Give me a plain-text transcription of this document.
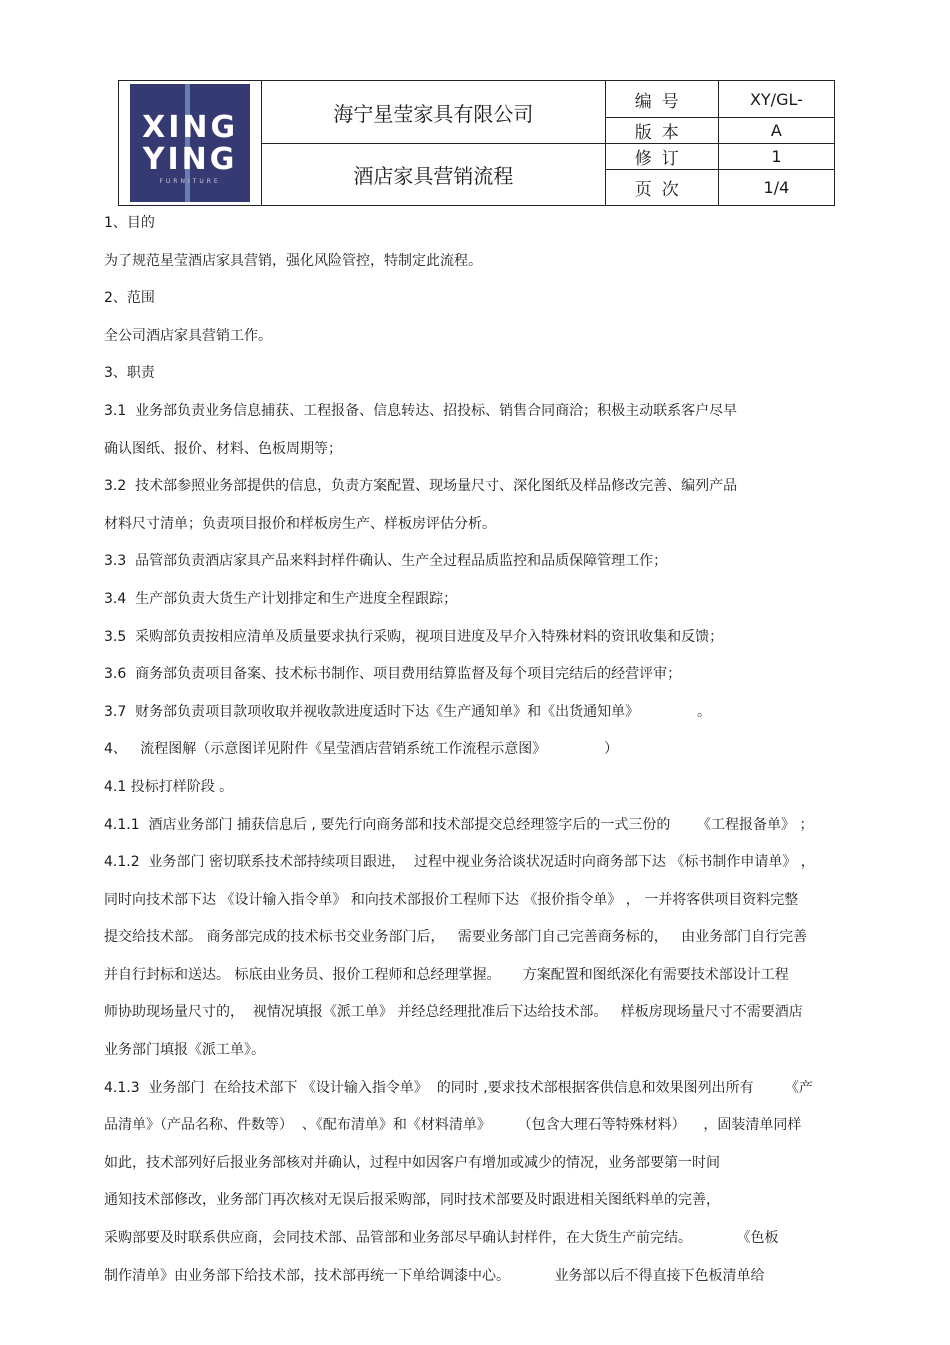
XING
YING
FURNITURE	海宁星莹家具有限公司	编号	XY/GL-
		版本	A
	酒店家具营销流程	修订	1
		页次	1/4

1、目的

为了规范星莹酒店家具营销，强化风险管控，特制定此流程。

2、范围

全公司酒店家具营销工作。

3、职责

3.1  业务部负责业务信息捕获、工程报备、信息转达、招投标、销售合同商洽；积极主动联系客户尽早

确认图纸、报价、材料、色板周期等；

3.2  技术部参照业务部提供的信息，负责方案配置、现场量尺寸、深化图纸及样品修改完善、编列产品

材料尺寸清单；负责项目报价和样板房生产、样板房评估分析。

3.3  品管部负责酒店家具产品来料封样件确认、生产全过程品质监控和品质保障管理工作；

3.4  生产部负责大货生产计划排定和生产进度全程跟踪；

3.5  采购部负责按相应清单及质量要求执行采购，视项目进度及早介入特殊材料的资讯收集和反馈；

3.6  商务部负责项目备案、技术标书制作、项目费用结算监督及每个项目完结后的经营评审；

3.7  财务部负责项目款项收取并视收款进度适时下达《生产通知单》和《出货通知单》             。

4、   流程图解（示意图详见附件《星莹酒店营销系统工作流程示意图》             ）

4.1 投标打样阶段 。

4.1.1  酒店业务部门 捕获信息后 , 要先行向商务部和技术部提交总经理签字后的一式三份的      《工程报备单》 ；

4.1.2  业务部门 密切联系技术部持续项目跟进，  过程中视业务洽谈状况适时向商务部下达 《标书制作申请单》 ，

同时向技术部下达 《设计输入指令单》 和向技术部报价工程师下达 《报价指令单》 ， 一并将客供项目资料完整

提交给技术部。 商务部完成的技术标书交业务部门后，   需要业务部门自己完善商务标的，   由业务部门自行完善

并自行封标和送达。 标底由业务员、报价工程师和总经理掌握。     方案配置和图纸深化有需要技术部设计工程

师协助现场量尺寸的，  视情况填报《派工单》 并经总经理批准后下达给技术部。   样板房现场量尺寸不需要酒店

业务部门填报《派工单》。

4.1.3  业务部门  在给技术部下 《设计输入指令单》  的同时 ,要求技术部根据客供信息和效果图列出所有       《产

品清单》（产品名称、件数等）  、《配布清单》和《材料清单》      （包含大理石等特殊材料）    ，固装清单同样

如此，技术部列好后报业务部核对并确认，过程中如因客户有增加或减少的情况，业务部要第一时间

通知技术部修改，业务部门再次核对无误后报采购部，同时技术部要及时跟进相关图纸料单的完善，

采购部要及时联系供应商，会同技术部、品管部和业务部尽早确认封样件，在大货生产前完结。          《色板

制作清单》由业务部下给技术部，技术部再统一下单给调漆中心。          业务部以后不得直接下色板清单给
